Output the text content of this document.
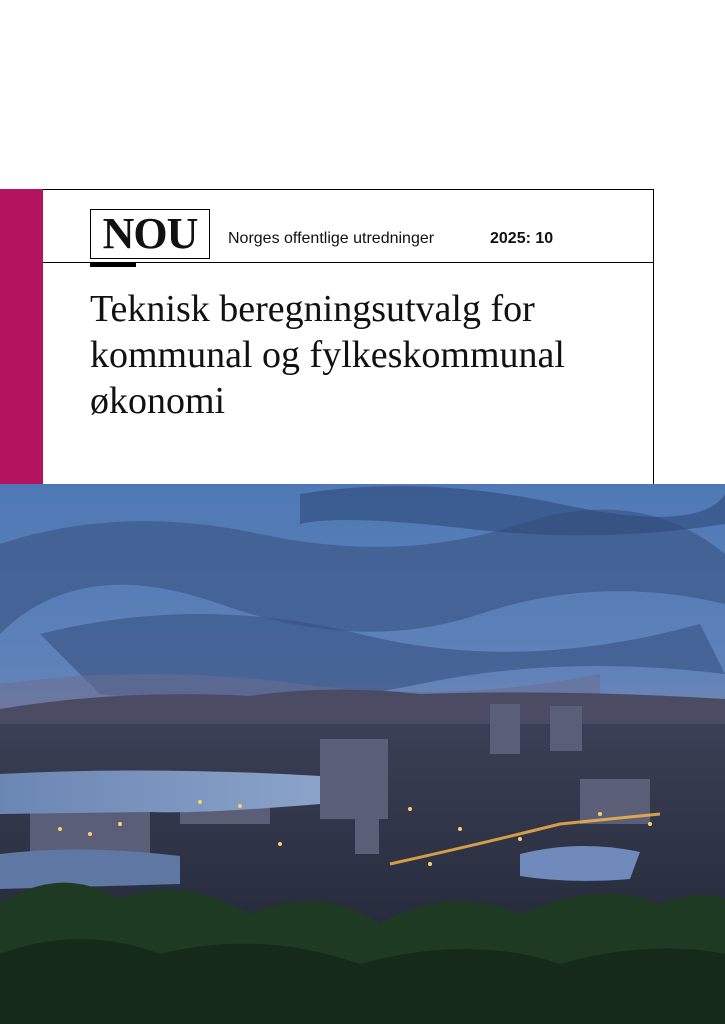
NOU	Norges offentlige utredninger	2025: 10
Teknisk beregningsutvalg for kommunal og fylkeskommunal økonomi
